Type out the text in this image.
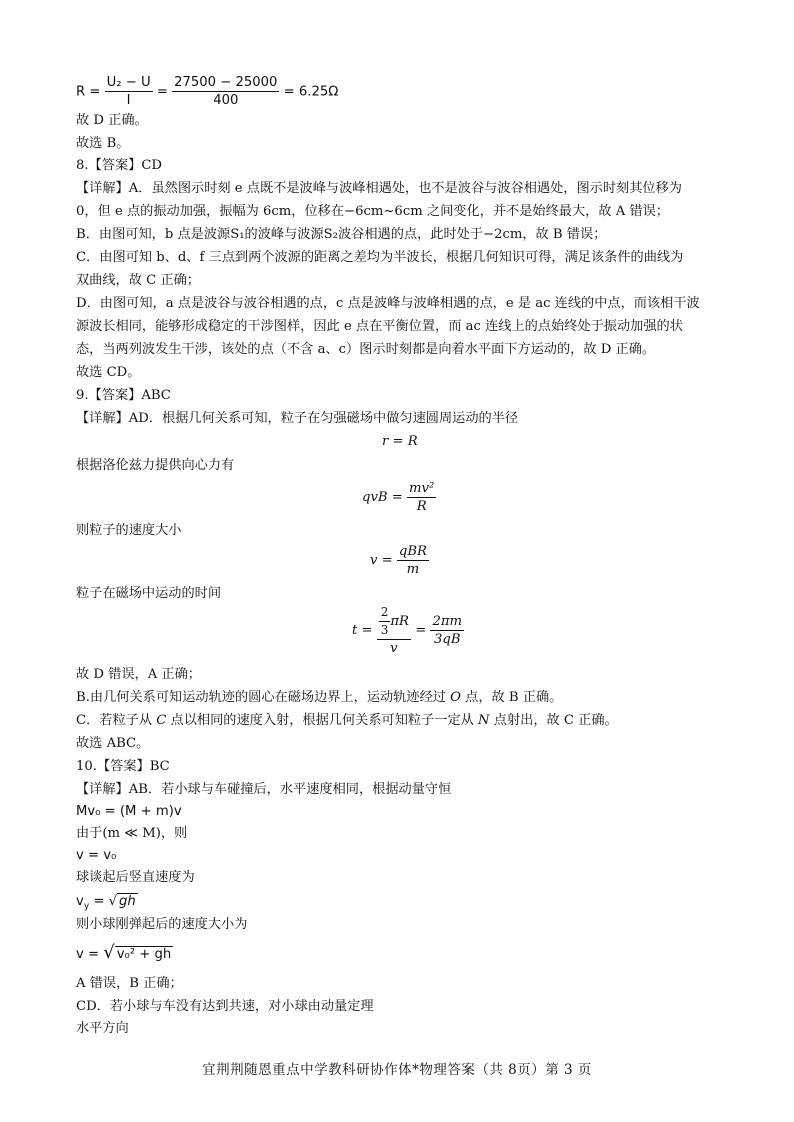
$R = \frac{\text{U₂ − U}}{I} = \frac{27500 - 25000}{400} = 6.25\Omega$
故 D 正确。
故选 B。
8.【答案】CD
【详解】A．虽然图示时刻 e 点既不是波峰与波峰相遇处，也不是波谷与波谷相遇处，图示时刻其位移为
0，但 e 点的振动加强，振幅为 6cm，位移在−6cm~6cm 之间变化，并不是始终最大，故 A 错误；
B．由图可知，b 点是波源S₁的波峰与波源S₂波谷相遇的点，此时处于−2cm，故 B 错误；
C．由图可知 b、d、f 三点到两个波源的距离之差均为半波长，根据几何知识可得，满足该条件的曲线为
双曲线，故 C 正确；
D．由图可知，a 点是波谷与波谷相遇的点，c 点是波峰与波峰相遇的点，e 是 ac 连线的中点，而该相干波
源波长相同，能够形成稳定的干涉图样，因此 e 点在平衡位置，而 ac 连线上的点始终处于振动加强的状
态，当两列波发生干涉，该处的点（不含 a、c）图示时刻都是向着水平面下方运动的，故 D 正确。
故选 CD。
9.【答案】ABC
【详解】AD．根据几何关系可知，粒子在匀强磁场中做匀速圆周运动的半径
r = R
根据洛伦兹力提供向心力有
qvB = $\frac{\text{mv²}}{R}$
则粒子的速度大小
$v = \frac{\text{qBR}}{m}$
粒子在磁场中运动的时间
$t = \frac{\frac{2}{3} \pi R}{v} = \frac{2\pi m}{3qB}$
故 D 错误，A 正确；
B.由几何关系可知运动轨迹的圆心在磁场边界上，运动轨迹经过 O 点，故 B 正确。
C．若粒子从 C 点以相同的速度入射，根据几何关系可知粒子一定从 N 点射出，故 C 正确。
故选 ABC。
10.【答案】BC
【详解】AB．若小球与车碰撞后，水平速度相同，根据动量守恒
Mv₀ = (M + m)v
由于(m ≪ M)，则
v = v₀
球谈起后竖直速度为
$v_y$ = √ gh
则小球刚弹起后的速度大小为
v = √ v₀² + gh
A 错误，B 正确；
CD．若小球与车没有达到共速，对小球由动量定理
水平方向
宜荆荆随恩重点中学教科研协作体*物理答案（共 8页）第 3 页
